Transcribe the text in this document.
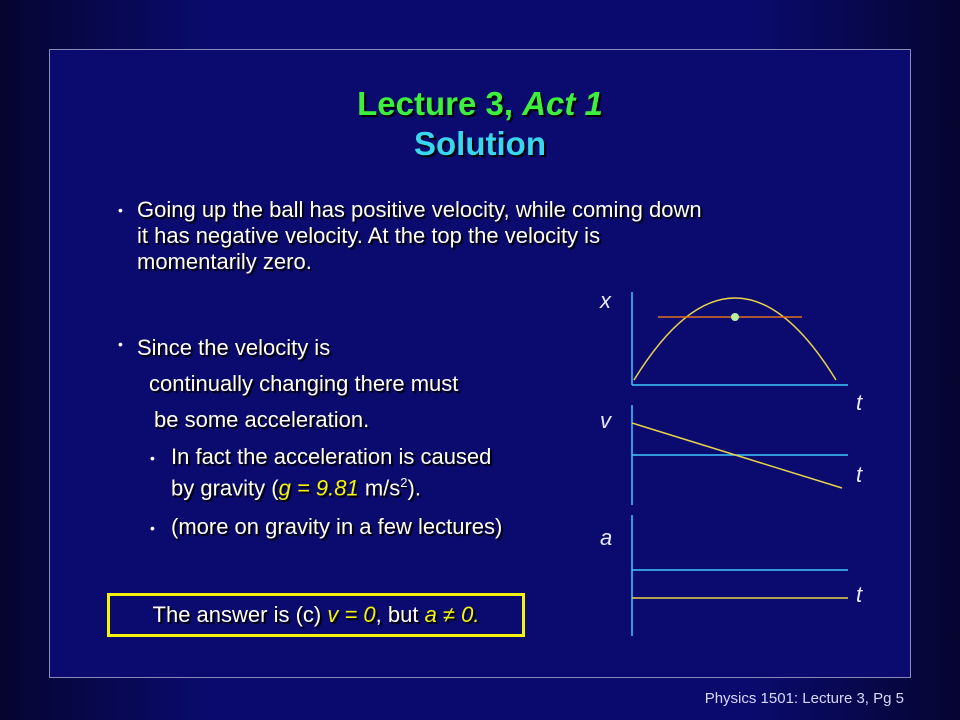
Lecture 3, Act 1
Solution
• Going up the ball has positive velocity, while coming down
it has negative velocity. At the top the velocity is
momentarily zero.
• Since the velocity is
continually changing there must
be some acceleration.
• In fact the acceleration is caused
by gravity (g = 9.81 $m/s^2$).
• (more on gravity in a few lectures)
The answer is (c) v = 0, but a ≠ 0.
x
t
v
t
a
t
Physics 1501: Lecture 3, Pg 5
